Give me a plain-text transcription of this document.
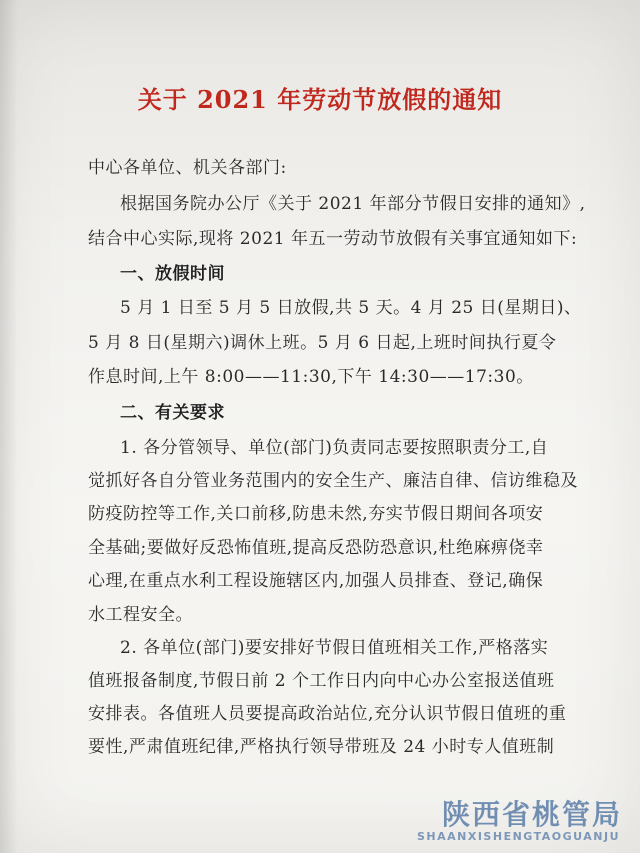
关于 2021 年劳动节放假的通知
中心各单位、机关各部门:
根据国务院办公厅《关于 2021 年部分节假日安排的通知》,
结合中心实际,现将 2021 年五一劳动节放假有关事宜通知如下:
一、放假时间
5 月 1 日至 5 月 5 日放假,共 5 天。4 月 25 日(星期日)、
5 月 8 日(星期六)调休上班。5 月 6 日起,上班时间执行夏令
作息时间,上午 8:00——11:30,下午 14:30——17:30。
二、有关要求
1. 各分管领导、单位(部门)负责同志要按照职责分工,自
觉抓好各自分管业务范围内的安全生产、廉洁自律、信访维稳及
防疫防控等工作,关口前移,防患未然,夯实节假日期间各项安
全基础;要做好反恐怖值班,提高反恐防恐意识,杜绝麻痹侥幸
心理,在重点水利工程设施辖区内,加强人员排查、登记,确保
水工程安全。
2. 各单位(部门)要安排好节假日值班相关工作,严格落实
值班报备制度,节假日前 2 个工作日内向中心办公室报送值班
安排表。各值班人员要提高政治站位,充分认识节假日值班的重
要性,严肃值班纪律,严格执行领导带班及 24 小时专人值班制
陕西省桃管局
SHAANXISHENGTAOGUANJU
